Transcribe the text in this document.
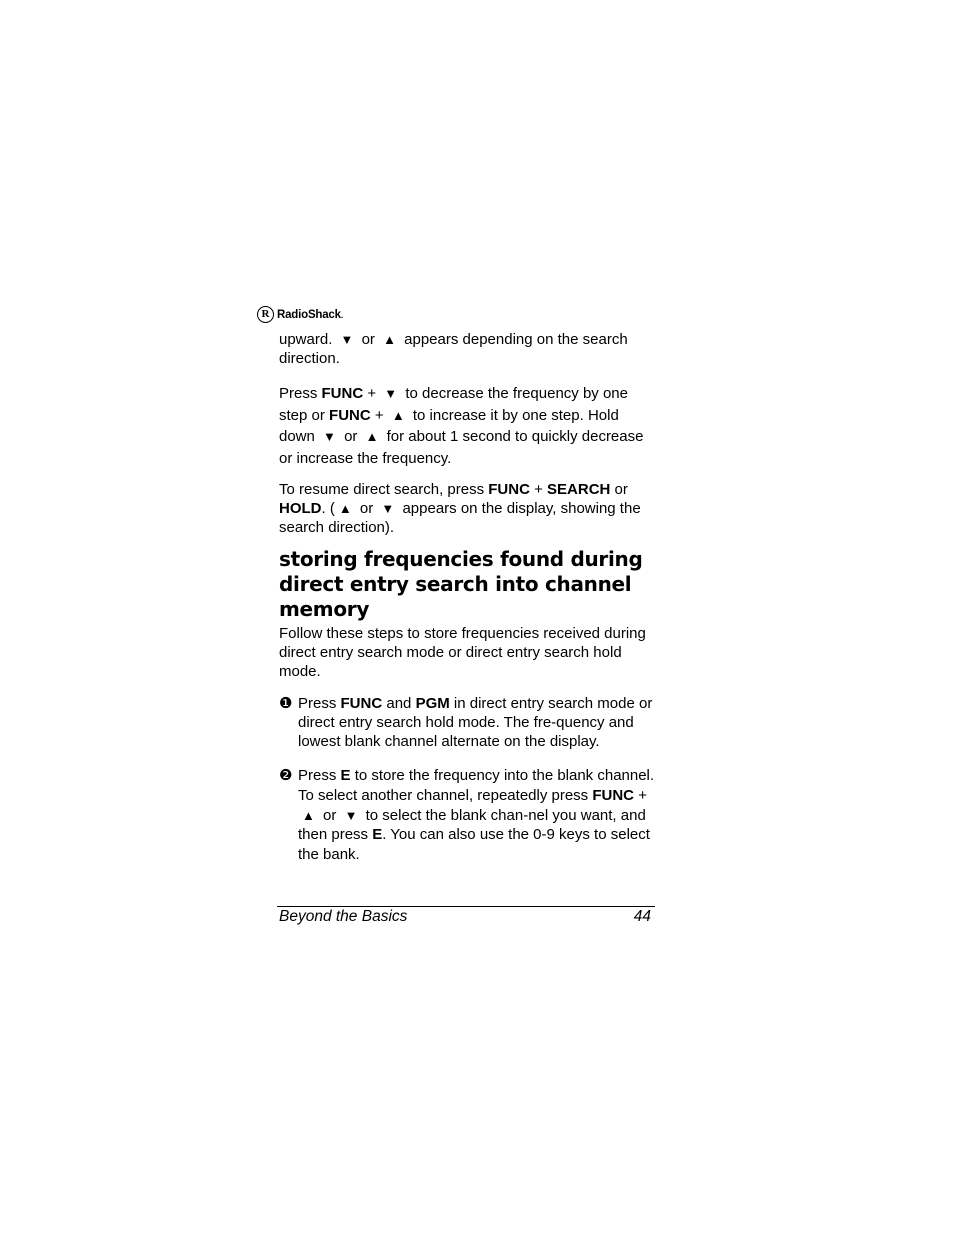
R RadioShack.

upward. ▼ or ▲ appears depending on the search direction.

Press FUNC + ▼ to decrease the frequency by one step or FUNC + ▲ to increase it by one step. Hold down ▼ or ▲ for about 1 second to quickly decrease or increase the frequency.

To resume direct search, press FUNC + SEARCH or HOLD. ( ▲ or ▼ appears on the display, showing the search direction).

storing frequencies found during direct entry search into channel memory

Follow these steps to store frequencies received during direct entry search mode or direct entry search hold mode.

❶ Press FUNC and PGM in direct entry search mode or direct entry search hold mode. The fre-quency and lowest blank channel alternate on the display.

❷ Press E to store the frequency into the blank channel. To select another channel, repeatedly press FUNC + ▲ or ▼ to select the blank chan-nel you want, and then press E. You can also use the 0-9 keys to select the bank.

Beyond the Basics	44
